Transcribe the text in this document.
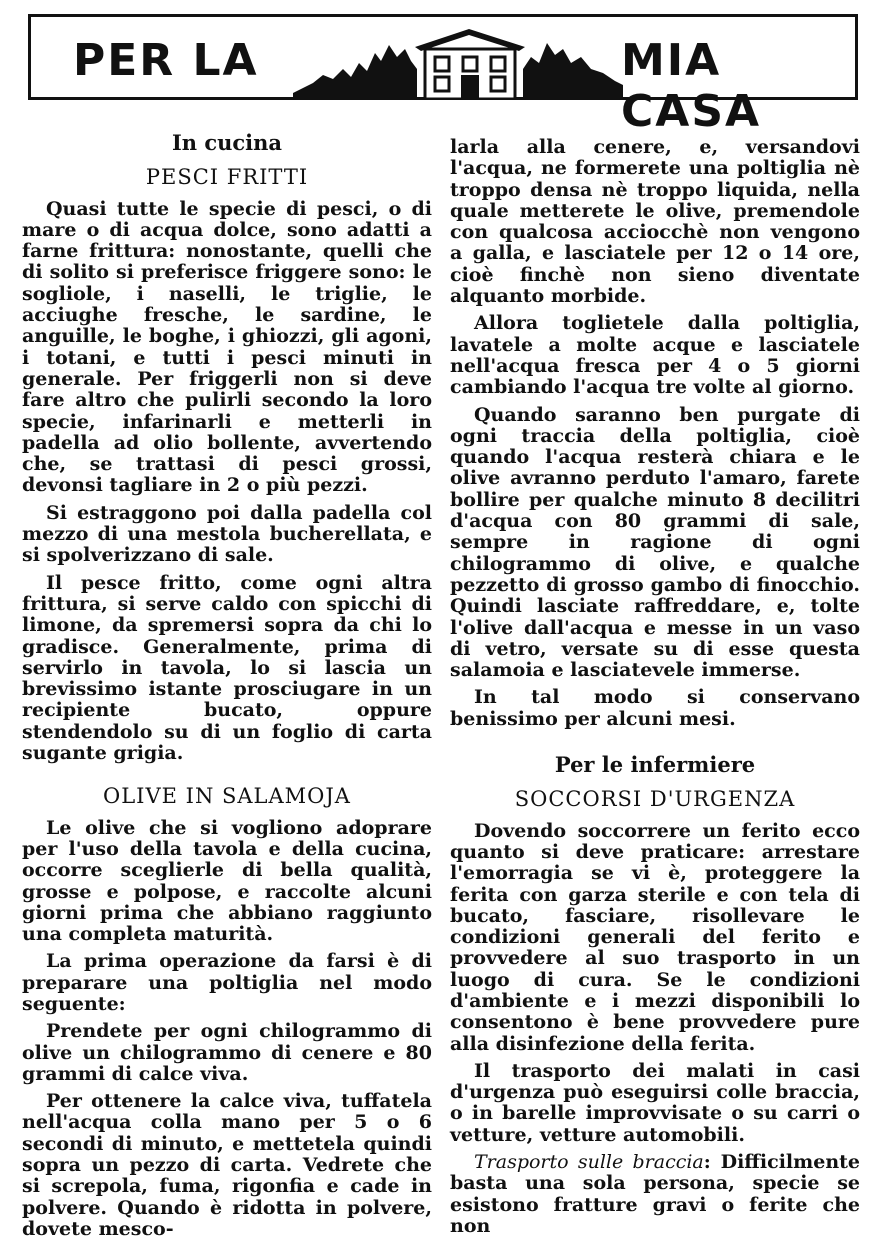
PER LA	MIA CASA
In cucina
PESCI FRITTI

Quasi tutte le specie di pesci, o di mare o di acqua dolce, sono adatti a farne frittura: nonostante, quelli che di solito si preferisce friggere sono: le sogliole, i naselli, le triglie, le acciughe fresche, le sardine, le anguille, le boghe, i ghiozzi, gli agoni, i totani, e tutti i pesci minuti in generale. Per friggerli non si deve fare altro che pulirli secondo la loro specie, infarinarli e metterli in padella ad olio bollente, avvertendo che, se trattasi di pesci grossi, devonsi tagliare in 2 o più pezzi.

Si estraggono poi dalla padella col mezzo di una mestola bucherellata, e si spolverizzano di sale.

Il pesce fritto, come ogni altra frittura, si serve caldo con spicchi di limone, da spremersi sopra da chi lo gradisce. Generalmente, prima di servirlo in tavola, lo si lascia un brevissimo istante prosciugare in un recipiente bucato, oppure stendendolo su di un foglio di carta sugante grigia.

OLIVE IN SALAMOJA

Le olive che si vogliono adoprare per l'uso della tavola e della cucina, occorre sceglierle di bella qualità, grosse e polpose, e raccolte alcuni giorni prima che abbiano raggiunto una completa maturità.

La prima operazione da farsi è di preparare una poltiglia nel modo seguente:

Prendete per ogni chilogrammo di olive un chilogrammo di cenere e 80 grammi di calce viva.

Per ottenere la calce viva, tuffatela nell'acqua colla mano per 5 o 6 secondi di minuto, e mettetela quindi sopra un pezzo di carta. Vedrete che si screpola, fuma, rigonfia e cade in polvere. Quando è ridotta in polvere, dovete mesco-

larla alla cenere, e, versandovi l'acqua, ne formerete una poltiglia nè troppo densa nè troppo liquida, nella quale metterete le olive, premendole con qualcosa acciocchè non vengono a galla, e lasciatele per 12 o 14 ore, cioè finchè non sieno diventate alquanto morbide.

Allora toglietele dalla poltiglia, lavatele a molte acque e lasciatele nell'acqua fresca per 4 o 5 giorni cambiando l'acqua tre volte al giorno.

Quando saranno ben purgate di ogni traccia della poltiglia, cioè quando l'acqua resterà chiara e le olive avranno perduto l'amaro, farete bollire per qualche minuto 8 decilitri d'acqua con 80 grammi di sale, sempre in ragione di ogni chilogrammo di olive, e qualche pezzetto di grosso gambo di finocchio. Quindi lasciate raffreddare, e, tolte l'olive dall'acqua e messe in un vaso di vetro, versate su di esse questa salamoia e lasciatevele immerse.

In tal modo si conservano benissimo per alcuni mesi.

Per le infermiere
SOCCORSI D'URGENZA

Dovendo soccorrere un ferito ecco quanto si deve praticare: arrestare l'emorragia se vi è, proteggere la ferita con garza sterile e con tela di bucato, fasciare, risollevare le condizioni generali del ferito e provvedere al suo trasporto in un luogo di cura. Se le condizioni d'ambiente e i mezzi disponibili lo consentono è bene provvedere pure alla disinfezione della ferita.

Il trasporto dei malati in casi d'urgenza può eseguirsi colle braccia, o in barelle improvvisate o su carri o vetture, vetture automobili.

Trasporto sulle braccia: Difficilmente basta una sola persona, specie se esistono fratture gravi o ferite che non
